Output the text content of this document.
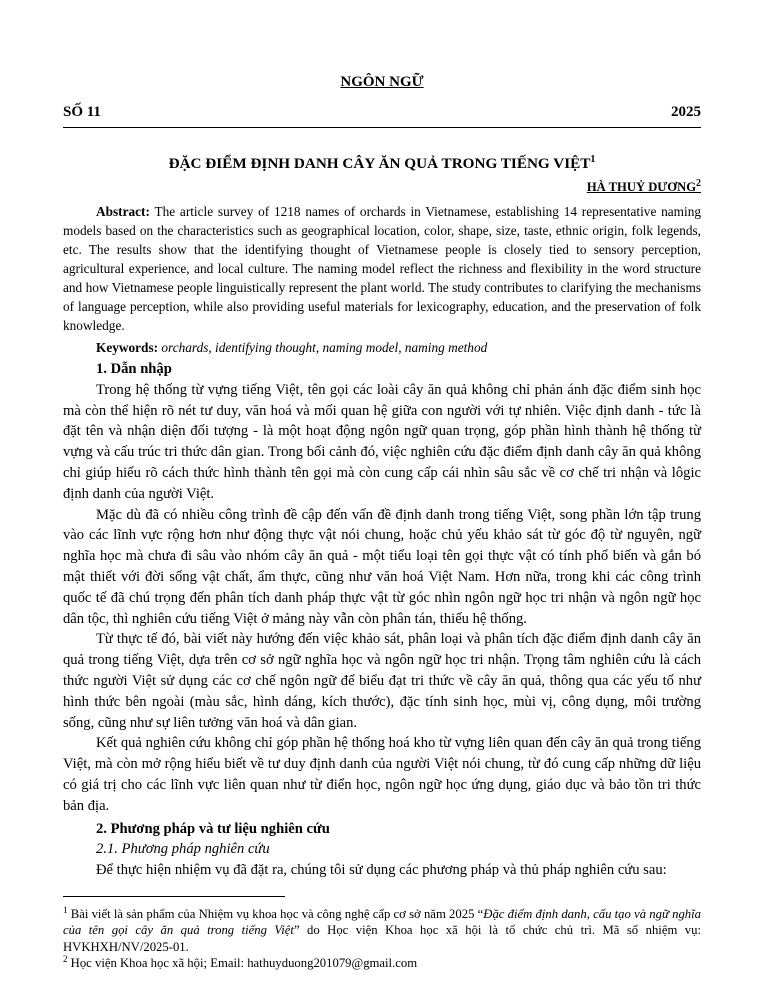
NGÔN NGỮ
SỐ 11	2025
ĐẶC ĐIỂM ĐỊNH DANH CÂY ĂN QUẢ TRONG TIẾNG VIỆT$^1$
HÀ THUỶ DƯƠNG$^2$
Abstract: The article survey of 1218 names of orchards in Vietnamese, establishing 14 representative naming models based on the characteristics such as geographical location, color, shape, size, taste, ethnic origin, folk legends, etc. The results show that the identifying thought of Vietnamese people is closely tied to sensory perception, agricultural experience, and local culture. The naming model reflect the richness and flexibility in the word structure and how Vietnamese people linguistically represent the plant world. The study contributes to clarifying the mechanisms of language perception, while also providing useful materials for lexicography, education, and the preservation of folk knowledge.
Keywords: orchards, identifying thought, naming model, naming method
1. Dẫn nhập

Trong hệ thống từ vựng tiếng Việt, tên gọi các loài cây ăn quả không chỉ phản ánh đặc điểm sinh học mà còn thể hiện rõ nét tư duy, văn hoá và mối quan hệ giữa con người với tự nhiên. Việc định danh - tức là đặt tên và nhận diện đối tượng - là một hoạt động ngôn ngữ quan trọng, góp phần hình thành hệ thống từ vựng và cấu trúc tri thức dân gian. Trong bối cảnh đó, việc nghiên cứu đặc điểm định danh cây ăn quả không chỉ giúp hiểu rõ cách thức hình thành tên gọi mà còn cung cấp cái nhìn sâu sắc về cơ chế tri nhận và lôgic định danh của người Việt.

Mặc dù đã có nhiều công trình đề cập đến vấn đề định danh trong tiếng Việt, song phần lớn tập trung vào các lĩnh vực rộng hơn như động thực vật nói chung, hoặc chủ yếu khảo sát từ góc độ từ nguyên, ngữ nghĩa học mà chưa đi sâu vào nhóm cây ăn quả - một tiểu loại tên gọi thực vật có tính phổ biến và gắn bó mật thiết với đời sống vật chất, ẩm thực, cũng như văn hoá Việt Nam. Hơn nữa, trong khi các công trình quốc tế đã chú trọng đến phân tích danh pháp thực vật từ góc nhìn ngôn ngữ học tri nhận và ngôn ngữ học dân tộc, thì nghiên cứu tiếng Việt ở mảng này vẫn còn phân tán, thiếu hệ thống.

Từ thực tế đó, bài viết này hướng đến việc khảo sát, phân loại và phân tích đặc điểm định danh cây ăn quả trong tiếng Việt, dựa trên cơ sở ngữ nghĩa học và ngôn ngữ học tri nhận. Trọng tâm nghiên cứu là cách thức người Việt sử dụng các cơ chế ngôn ngữ để biểu đạt tri thức về cây ăn quả, thông qua các yếu tố như hình thức bên ngoài (màu sắc, hình dáng, kích thước), đặc tính sinh học, mùi vị, công dụng, môi trường sống, cũng như sự liên tưởng văn hoá và dân gian.

Kết quả nghiên cứu không chỉ góp phần hệ thống hoá kho từ vựng liên quan đến cây ăn quả trong tiếng Việt, mà còn mở rộng hiểu biết về tư duy định danh của người Việt nói chung, từ đó cung cấp những dữ liệu có giá trị cho các lĩnh vực liên quan như từ điển học, ngôn ngữ học ứng dụng, giáo dục và bảo tồn tri thức bản địa.

2. Phương pháp và tư liệu nghiên cứu
2.1. Phương pháp nghiên cứu

Để thực hiện nhiệm vụ đã đặt ra, chúng tôi sử dụng các phương pháp và thủ pháp nghiên cứu sau:

$^1$ Bài viết là sản phẩm của Nhiệm vụ khoa học và công nghệ cấp cơ sở năm 2025 “Đặc điểm định danh, cấu tạo và ngữ nghĩa của tên gọi cây ăn quả trong tiếng Việt” do Học viện Khoa học xã hội là tổ chức chủ trì. Mã số nhiệm vụ: HVKHXH/NV/2025-01.

$^2$ Học viện Khoa học xã hội; Email: hathuyduong201079@gmail.com
